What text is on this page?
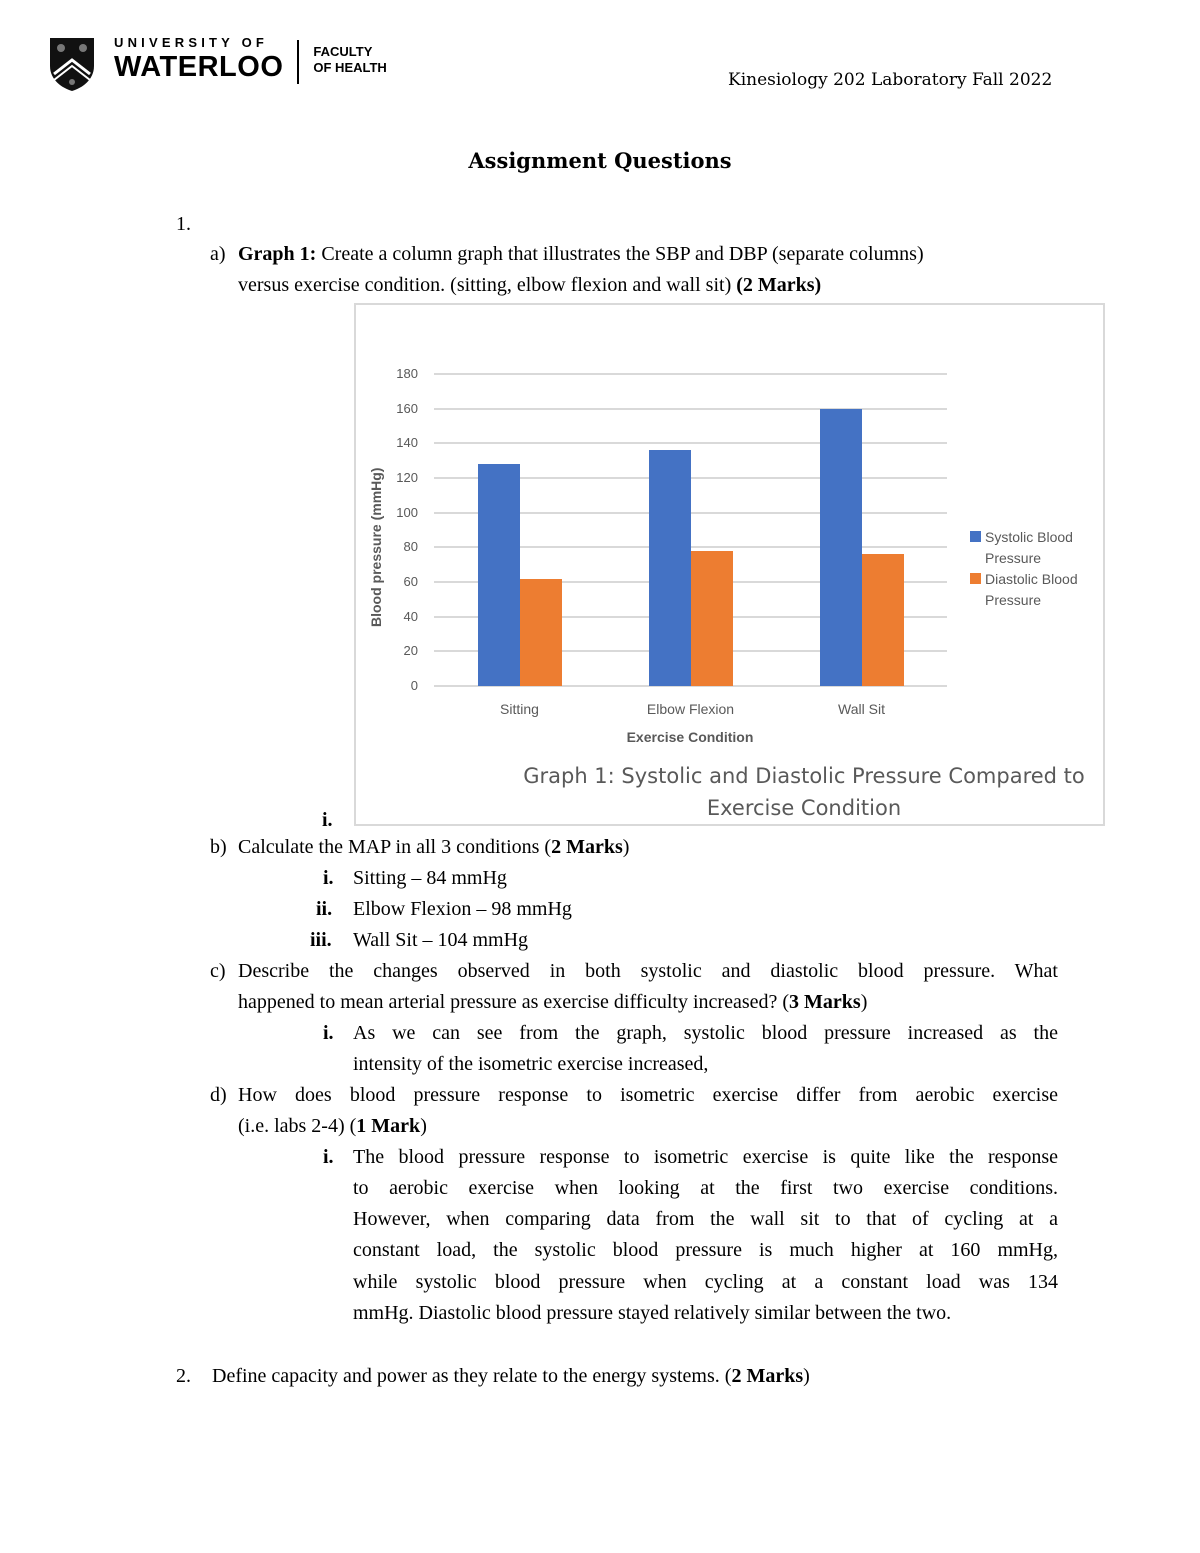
UNIVERSITY OF
WATERLOO FACULTY
OF HEALTH
Kinesiology 202 Laboratory Fall 2022
Assignment Questions
1.
a) Graph 1: Create a column graph that illustrates the SBP and DBP (separate columns)
versus exercise condition. (sitting, elbow flexion and wall sit) (2 Marks)
Blood pressure (mmHg)
0
20
40
60
80
100
120
140
160
180
Sitting	Elbow Flexion	Wall Sit
Exercise Condition
Systolic Blood
Pressure
Diastolic Blood
Pressure
Graph 1: Systolic and Diastolic Pressure Compared to
Exercise Condition
i.
b) Calculate the MAP in all 3 conditions (2 Marks)
i. Sitting – 84 mmHg
ii. Elbow Flexion – 98 mmHg
iii. Wall Sit – 104 mmHg
c) Describe the changes observed in both systolic and diastolic blood pressure. What
happened to mean arterial pressure as exercise difficulty increased? (3 Marks)
i. As we can see from the graph, systolic blood pressure increased as the
intensity of the isometric exercise increased,
d) How does blood pressure response to isometric exercise differ from aerobic exercise
(i.e. labs 2-4) (1 Mark)
i. The blood pressure response to isometric exercise is quite like the response
to aerobic exercise when looking at the first two exercise conditions.
However, when comparing data from the wall sit to that of cycling at a
constant load, the systolic blood pressure is much higher at 160 mmHg,
while systolic blood pressure when cycling at a constant load was 134
mmHg. Diastolic blood pressure stayed relatively similar between the two.
2. Define capacity and power as they relate to the energy systems. (2 Marks)
